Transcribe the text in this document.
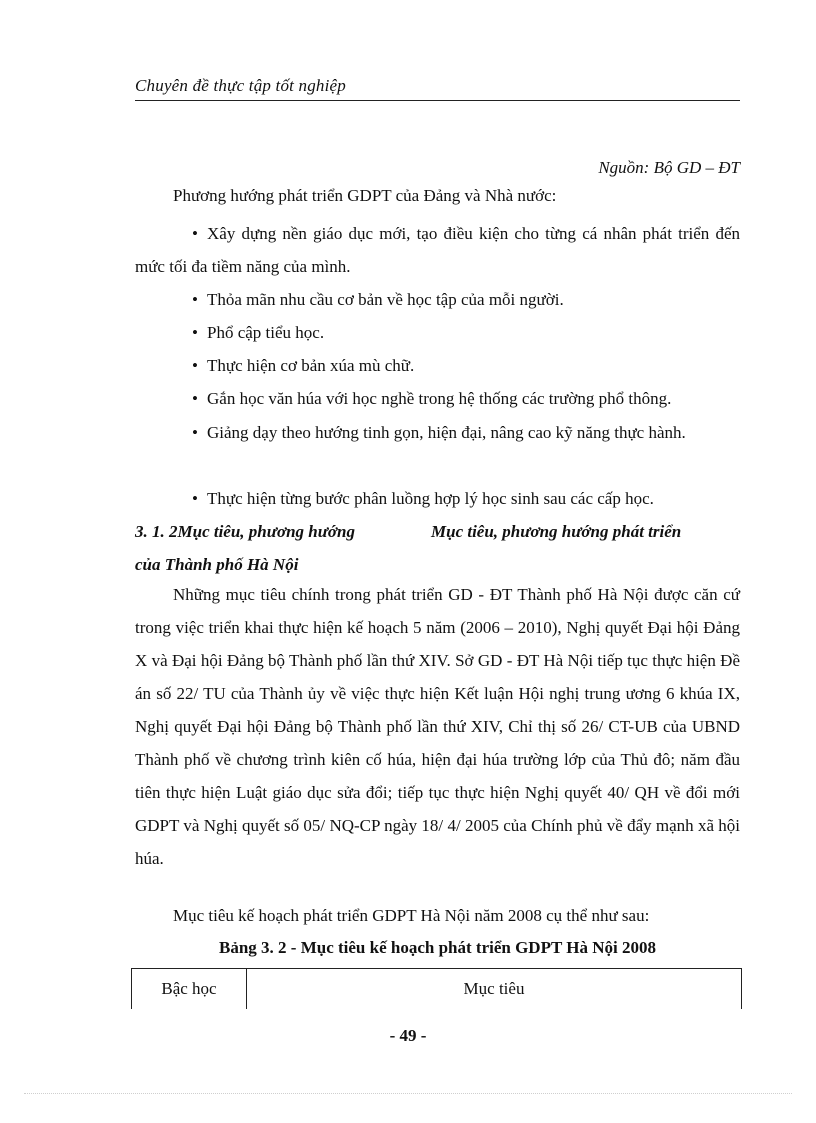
Chuyên đề thực tập tốt nghiệp
Nguồn: Bộ GD – ĐT
Phương hướng phát triển GDPT của Đảng và Nhà nước:
• Xây dựng nền giáo dục mới, tạo điều kiện cho từng cá nhân phát triển đến mức tối đa tiềm năng của mình.
• Thỏa mãn nhu cầu cơ bản về học tập của mỗi người.
• Phổ cập tiểu học.
• Thực hiện cơ bản xúa mù chữ.
• Gắn học văn húa với học nghề trong hệ thống các trường phổ thông.
• Giảng dạy theo hướng tinh gọn, hiện đại, nâng cao kỹ năng thực hành.
• Thực hiện từng bước phân luồng hợp lý học sinh sau các cấp học.
3. 1. 2Mục tiêu, phương hướng	Mục tiêu, phương hướng phát triển
của Thành phố Hà Nội
Những mục tiêu chính trong phát triển GD - ĐT Thành phố Hà Nội được căn cứ trong việc triển khai thực hiện kế hoạch 5 năm (2006 – 2010), Nghị quyết Đại hội Đảng X và Đại hội Đảng bộ Thành phố lần thứ XIV. Sở GD - ĐT Hà Nội tiếp tục thực hiện Đề án số 22/ TU của Thành ủy về việc thực hiện Kết luận Hội nghị trung ương 6 khúa IX, Nghị quyết Đại hội Đảng bộ Thành phố lần thứ XIV, Chỉ thị số 26/ CT-UB của UBND Thành phố về chương trình kiên cố húa, hiện đại húa trường lớp của Thủ đô; năm đầu tiên thực hiện Luật giáo dục sửa đổi; tiếp tục thực hiện Nghị quyết 40/ QH về đổi mới GDPT và Nghị quyết số 05/ NQ-CP ngày 18/ 4/ 2005 của Chính phủ về đẩy mạnh xã hội húa.
Mục tiêu kế hoạch phát triển GDPT Hà Nội năm 2008 cụ thể như sau:
Bảng 3. 2 - Mục tiêu kế hoạch phát triển GDPT Hà Nội 2008
Bậc học	Mục tiêu
- 49 -
